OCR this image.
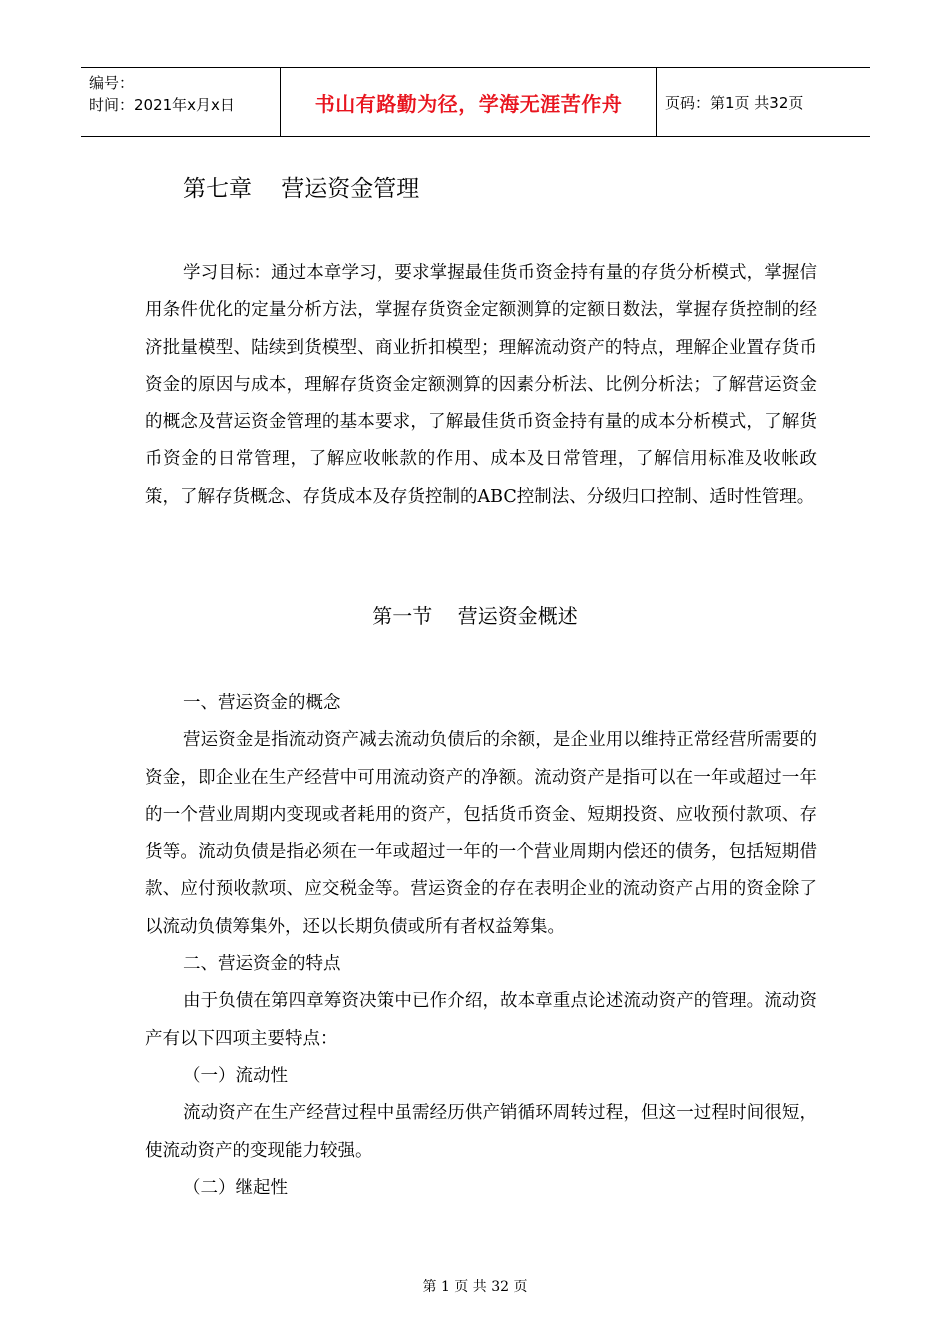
编号：
时间：2021年x月x日	书山有路勤为径，学海无涯苦作舟	页码：第1页 共32页
第七章    营运资金管理

学习目标：通过本章学习，要求掌握最佳货币资金持有量的存货分析模式，掌握信用条件优化的定量分析方法，掌握存货资金定额测算的定额日数法，掌握存货控制的经济批量模型、陆续到货模型、商业折扣模型；理解流动资产的特点，理解企业置存货币资金的原因与成本，理解存货资金定额测算的因素分析法、比例分析法；了解营运资金的概念及营运资金管理的基本要求，了解最佳货币资金持有量的成本分析模式，了解货币资金的日常管理，了解应收帐款的作用、成本及日常管理，了解信用标准及收帐政策，了解存货概念、存货成本及存货控制的ABC控制法、分级归口控制、适时性管理。

第一节    营运资金概述

一、营运资金的概念

营运资金是指流动资产减去流动负债后的余额，是企业用以维持正常经营所需要的资金，即企业在生产经营中可用流动资产的净额。流动资产是指可以在一年或超过一年的一个营业周期内变现或者耗用的资产，包括货币资金、短期投资、应收预付款项、存货等。流动负债是指必须在一年或超过一年的一个营业周期内偿还的债务，包括短期借款、应付预收款项、应交税金等。营运资金的存在表明企业的流动资产占用的资金除了以流动负债筹集外，还以长期负债或所有者权益筹集。

二、营运资金的特点

由于负债在第四章筹资决策中已作介绍，故本章重点论述流动资产的管理。流动资产有以下四项主要特点：

（一）流动性

流动资产在生产经营过程中虽需经历供产销循环周转过程，但这一过程时间很短，使流动资产的变现能力较强。

（二）继起性

第 1 页 共 32 页
